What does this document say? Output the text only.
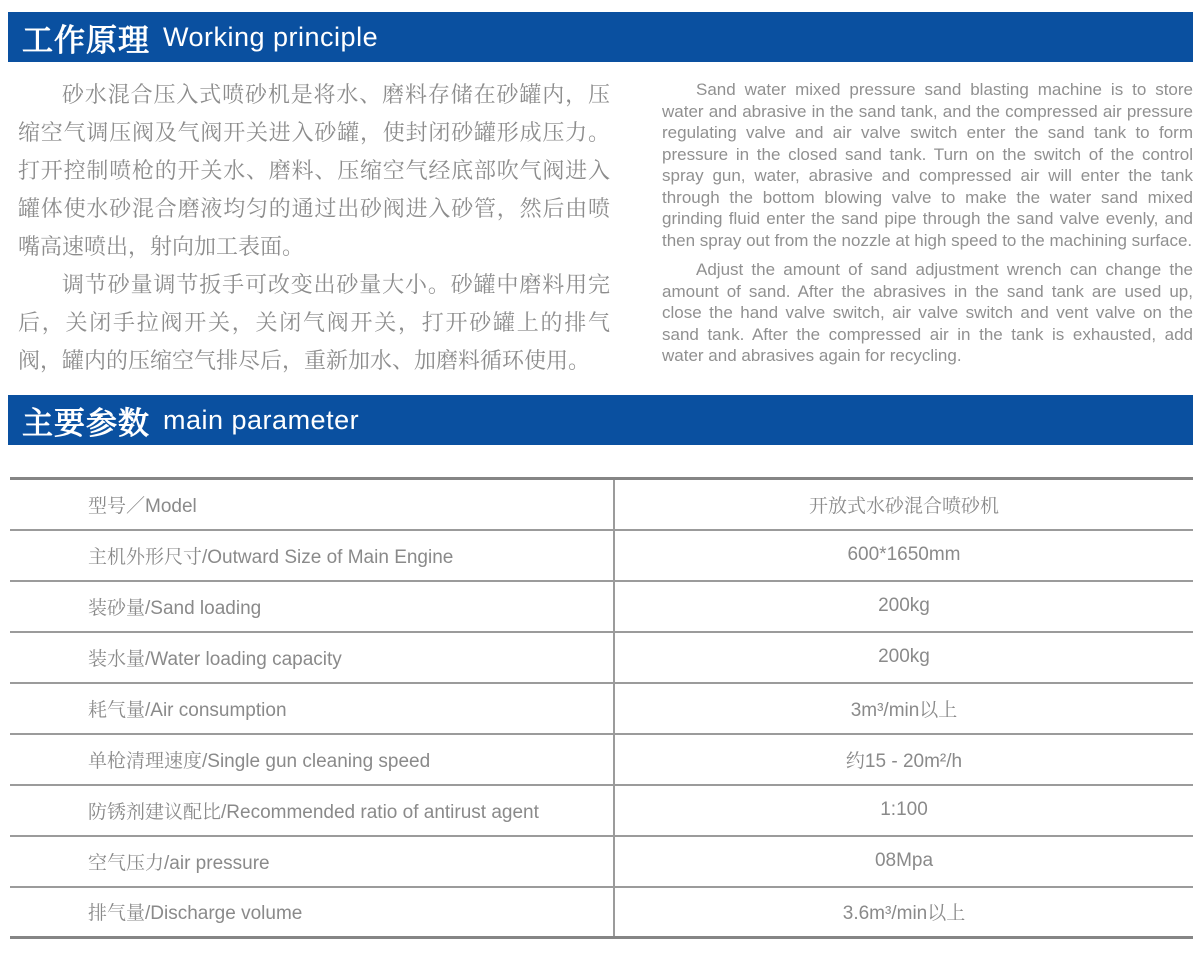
工作原理 Working principle

砂水混合压入式喷砂机是将水、磨料存储在砂罐内，压缩空气调压阀及气阀开关进入砂罐，使封闭砂罐形成压力。打开控制喷枪的开关水、磨料、压缩空气经底部吹气阀进入罐体使水砂混合磨液均匀的通过出砂阀进入砂管，然后由喷嘴高速喷出，射向加工表面。

调节砂量调节扳手可改变出砂量大小。砂罐中磨料用完后，关闭手拉阀开关，关闭气阀开关，打开砂罐上的排气阀，罐内的压缩空气排尽后，重新加水、加磨料循环使用。

Sand water mixed pressure sand blasting machine is to store water and abrasive in the sand tank, and the compressed air pressure regulating valve and air valve switch enter the sand tank to form pressure in the closed sand tank. Turn on the switch of the control spray gun, water, abrasive and compressed air will enter the tank through the bottom blowing valve to make the water sand mixed grinding fluid enter the sand pipe through the sand valve evenly, and then spray out from the nozzle at high speed to the machining surface.

Adjust the amount of sand adjustment wrench can change the amount of sand. After the abrasives in the sand tank are used up, close the hand valve switch, air valve switch and vent valve on the sand tank. After the compressed air in the tank is exhausted, add water and abrasives again for recycling.

主要参数 main parameter
型号／Model	开放式水砂混合喷砂机
主机外形尺寸/Outward Size of Main Engine	600*1650mm
装砂量/Sand loading	200kg
装水量/Water loading capacity	200kg
耗气量/Air consumption	3m³/min以上
单枪清理速度/Single gun cleaning speed	约15 - 20m²/h
防锈剂建议配比/Recommended ratio of antirust agent	1:100
空气压力/air pressure	08Mpa
排气量/Discharge volume	3.6m³/min以上
